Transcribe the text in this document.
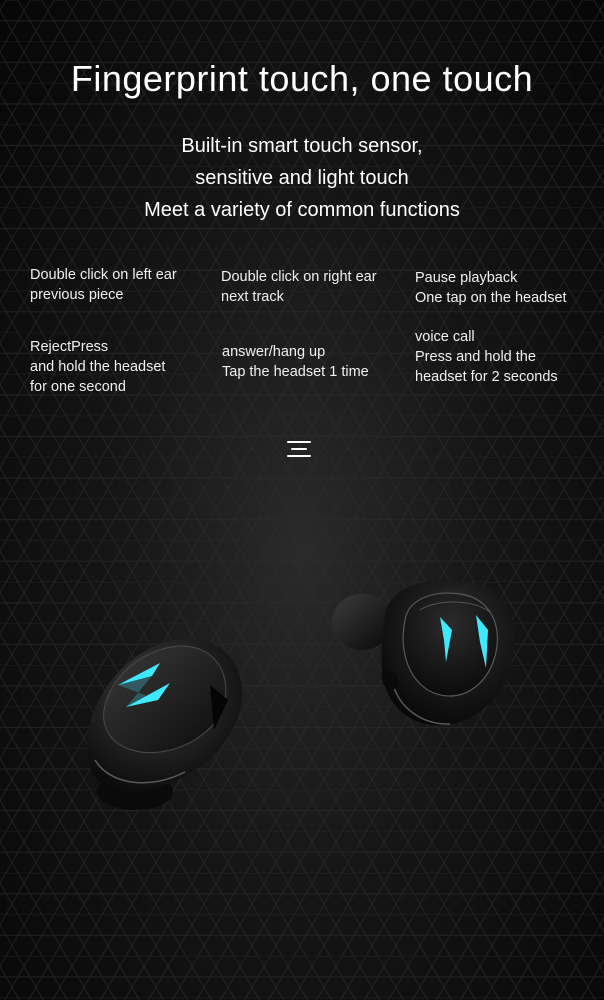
Fingerprint touch, one touch
Built-in smart touch sensor,
sensitive and light touch
Meet a variety of common functions
Double click on left ear
previous piece
Double click on right ear
next track
Pause playback
One tap on the headset
RejectPress
and hold the headset
for one second
answer/hang up
Tap the headset 1 time
voice call
Press and hold the
headset for 2 seconds
